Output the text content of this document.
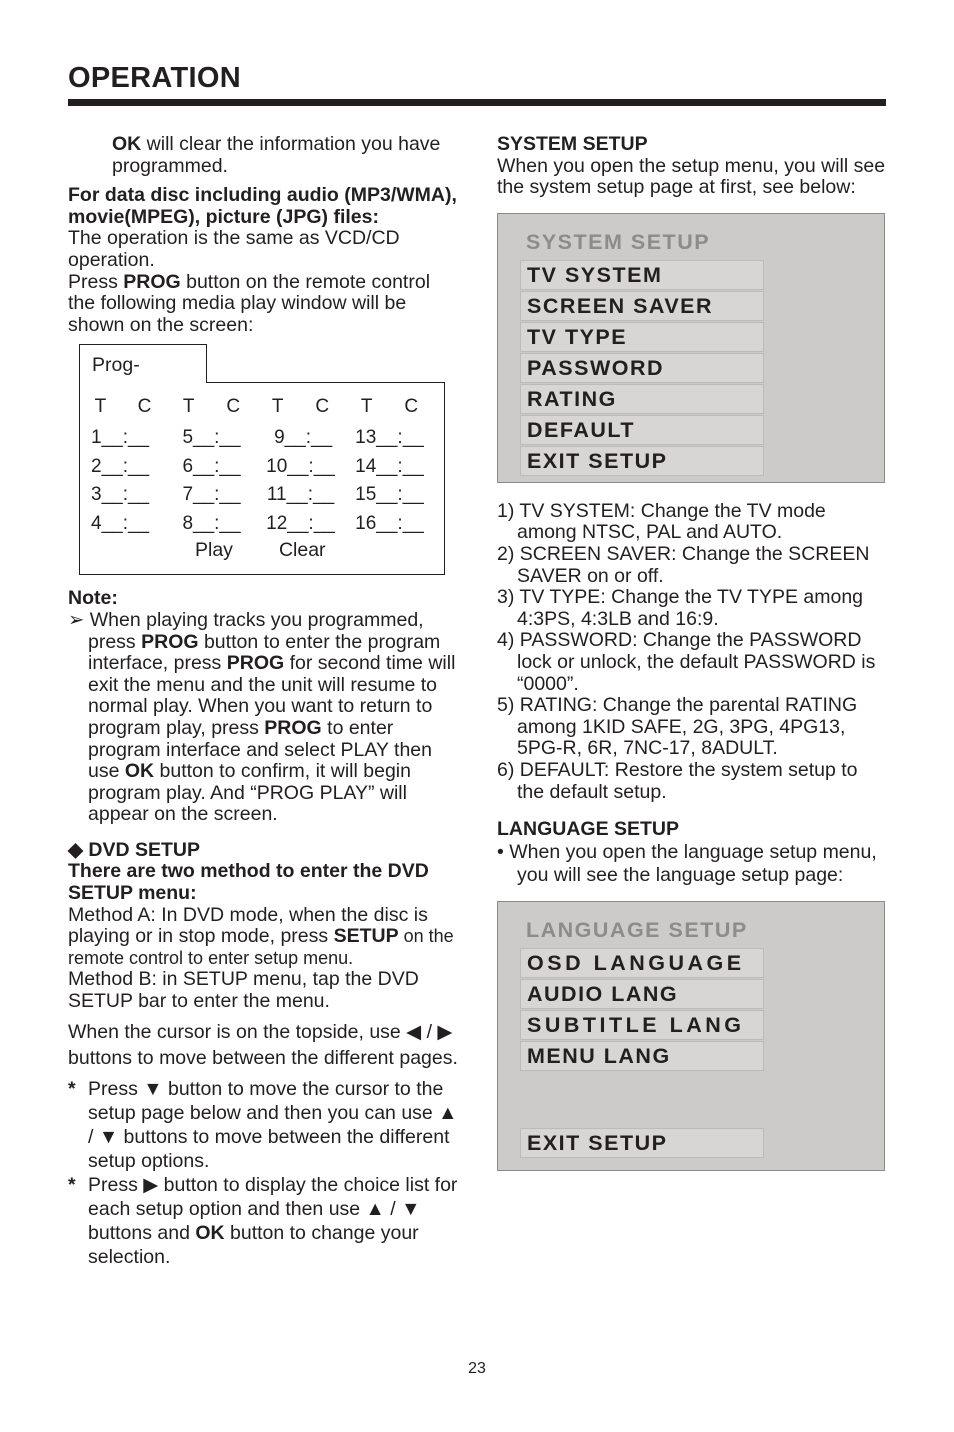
OPERATION

OK will clear the information you have programmed.

For data disc including audio (MP3/WMA), movie(MPEG), picture (JPG) files:

The operation is the same as VCD/CD operation.

Press PROG button on the remote control the following media play window will be shown on the screen:

Prog-
T C T C T C T C
1__:__	5__:__	9__:__	13__:__
2__:__	6__:__	10__:__	14__:__
3__:__	7__:__	11__:__	15__:__
4__:__	8__:__	12__:__	16__:__
Play Clear

Note:

➢ When playing tracks you programmed, press PROG button to enter the program interface, press PROG for second time will exit the menu and the unit will resume to normal play. When you want to return to program play, press PROG to enter program interface and select PLAY then use OK button to confirm, it will begin program play. And “PROG PLAY” will appear on the screen.

◆ DVD SETUP

There are two method to enter the DVD SETUP menu:

Method A: In DVD mode, when the disc is playing or in stop mode, press SETUP on the remote control to enter setup menu.

Method B: in SETUP menu, tap the DVD SETUP bar to enter the menu.

When the cursor is on the topside, use ◀ / ▶ buttons to move between the different pages.

* Press ▼ button to move the cursor to the setup page below and then you can use ▲ / ▼ buttons to move between the different setup options.

* Press ▶ button to display the choice list for each setup option and then use ▲ / ▼ buttons and OK button to change your selection.

SYSTEM SETUP

When you open the setup menu, you will see the system setup page at first, see below:

SYSTEM SETUP
TV SYSTEM
SCREEN SAVER
TV TYPE
PASSWORD
RATING
DEFAULT
EXIT SETUP

1) TV SYSTEM: Change the TV mode among NTSC, PAL and AUTO.

2) SCREEN SAVER: Change the SCREEN SAVER on or off.

3) TV TYPE: Change the TV TYPE among 4:3PS, 4:3LB and 16:9.

4) PASSWORD: Change the PASSWORD lock or unlock, the default PASSWORD is “0000”.

5) RATING: Change the parental RATING among 1KID SAFE, 2G, 3PG, 4PG13, 5PG-R, 6R, 7NC-17, 8ADULT.

6) DEFAULT: Restore the system setup to the default setup.

LANGUAGE SETUP

• When you open the language setup menu, you will see the language setup page:

LANGUAGE SETUP
OSD LANGUAGE
AUDIO LANG
SUBTITLE LANG
MENU LANG
EXIT SETUP
23
